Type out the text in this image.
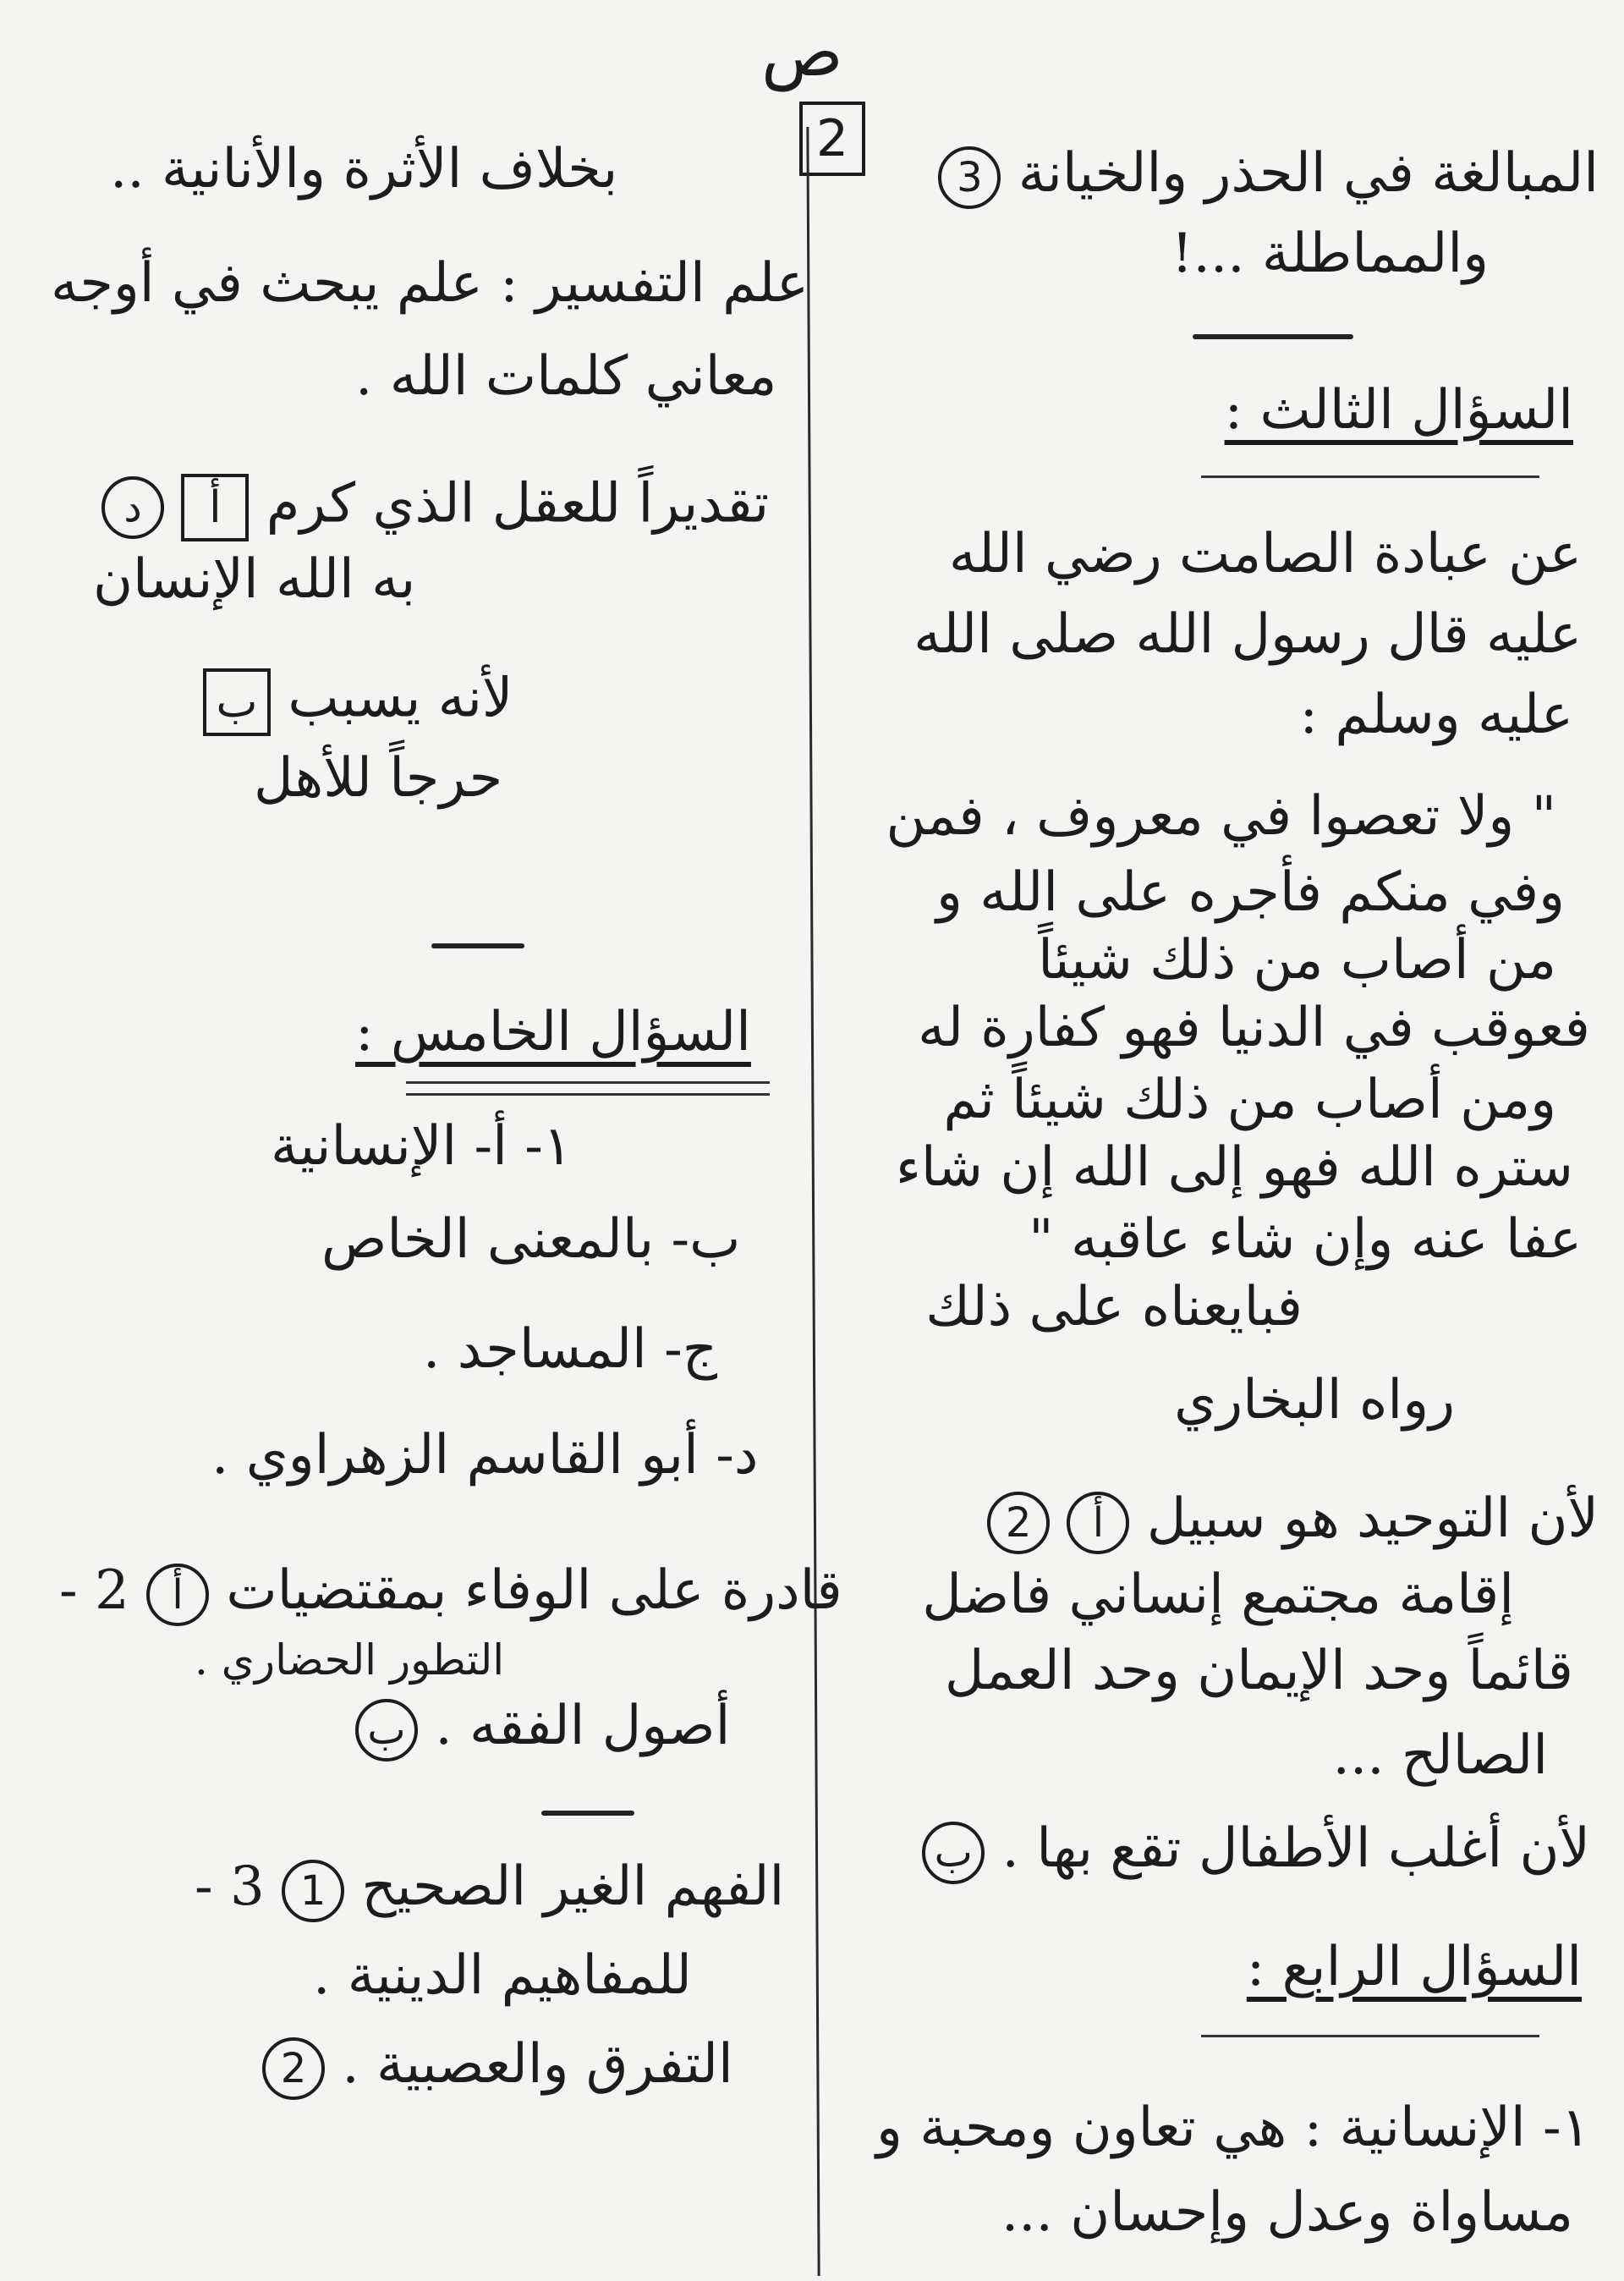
ص
2
المبالغة في الحذر والخيانة 3
والمماطلة ...!
السؤال الثالث :
عن عبادة الصامت رضي الله
عليه قال رسول الله صلى الله
عليه وسلم :
" ولا تعصوا في معروف ، فمن
وفي منكم فأجره على الله و
من أصاب من ذلك شيئاً
فعوقب في الدنيا فهو كفارة له
ومن أصاب من ذلك شيئاً ثم
ستره الله فهو إلى الله إن شاء
عفا عنه وإن شاء عاقبه "
فبايعناه على ذلك
رواه البخاري
لأن التوحيد هو سبيل أ 2
إقامة مجتمع إنساني فاضل
قائماً وحد الإيمان وحد العمل
الصالح ...
لأن أغلب الأطفال تقع بها . ب
السؤال الرابع :
١- الإنسانية : هي تعاون ومحبة و
مساواة وعدل وإحسان ...
بخلاف الأثرة والأنانية ..
علم التفسير : علم يبحث في أوجه
معاني كلمات الله .
تقديراً للعقل الذي كرم أ د
به الله الإنسان
لأنه يسبب ب
حرجاً للأهل
السؤال الخامس :
١- أ- الإنسانية
ب- بالمعنى الخاص
ج- المساجد .
د- أبو القاسم الزهراوي .
قادرة على الوفاء بمقتضيات أ 2 -
التطور الحضاري .
أصول الفقه . ب
الفهم الغير الصحيح 1 3 -
للمفاهيم الدينية .
التفرق والعصبية . 2
